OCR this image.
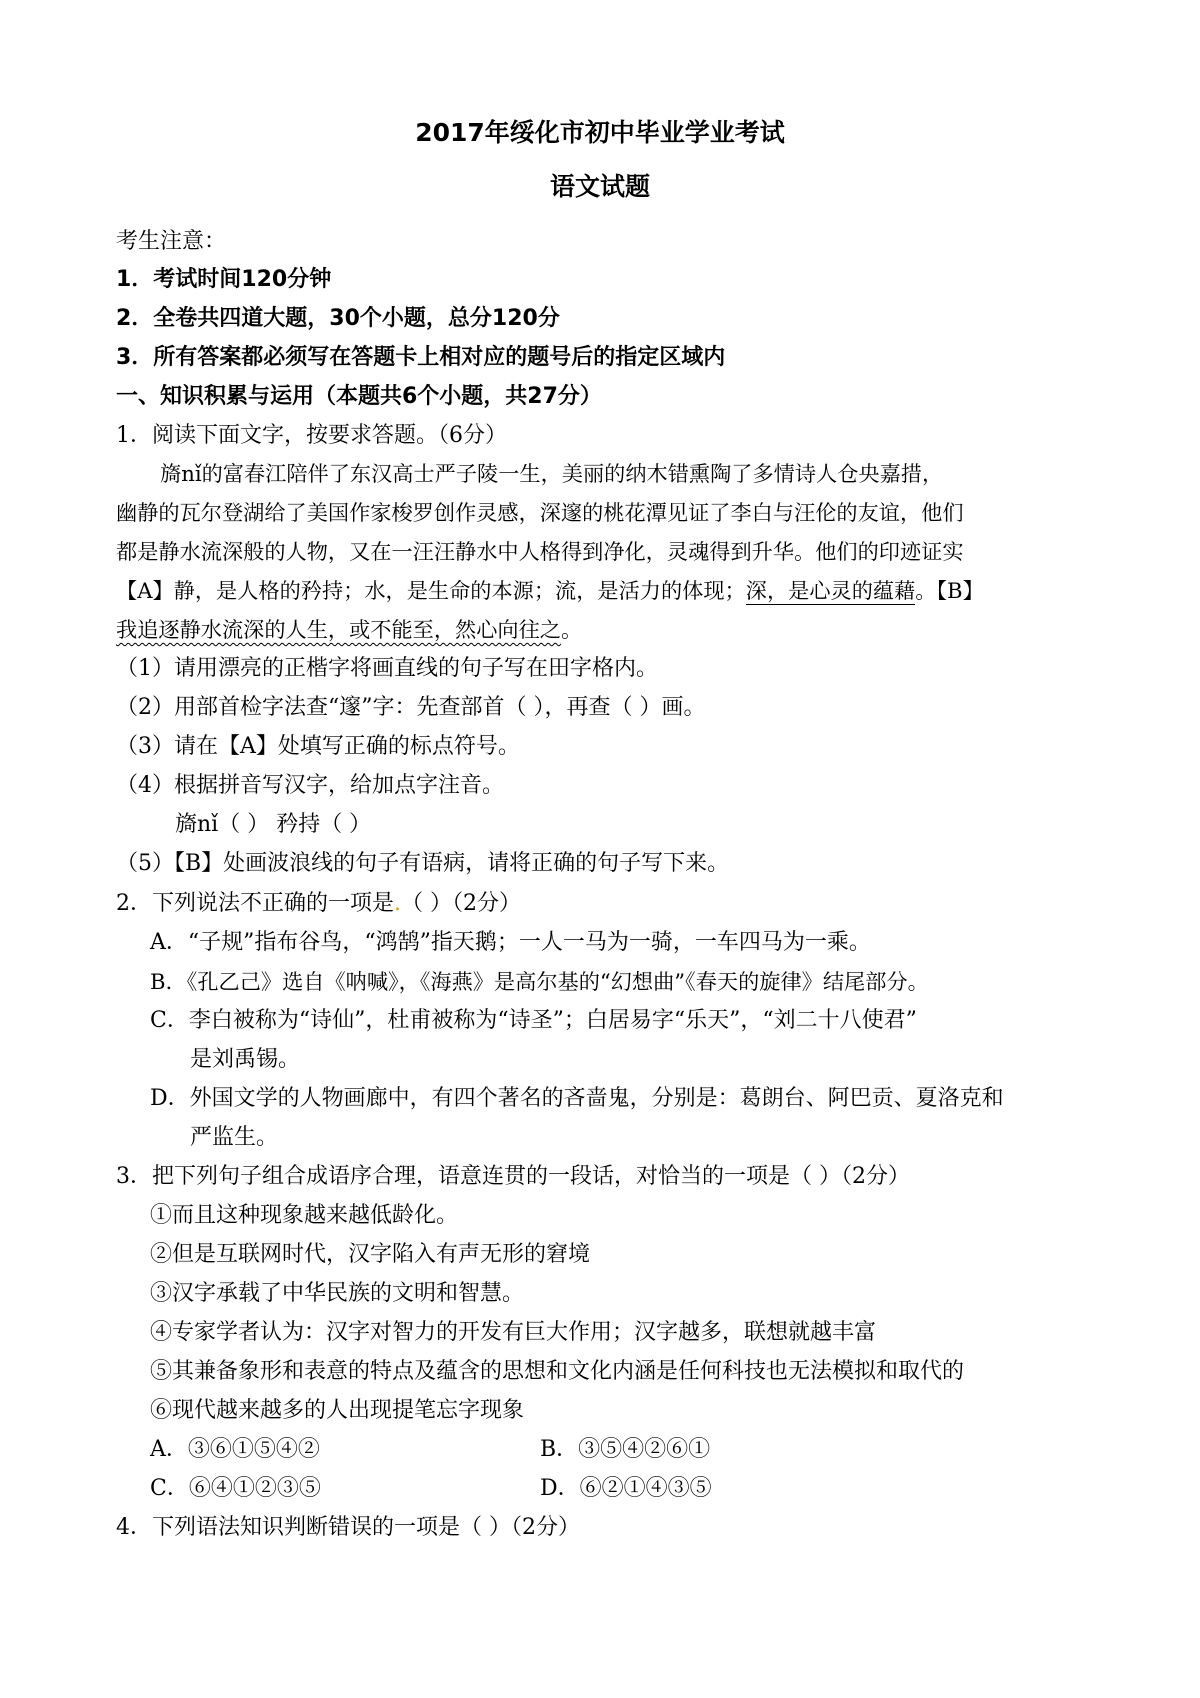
2017年绥化市初中毕业学业考试
语文试题
考生注意：
1．考试时间120分钟
2．全卷共四道大题，30个小题，总分120分
3．所有答案都必须写在答题卡上相对应的题号后的指定区域内
一、知识积累与运用（本题共6个小题，共27分）
1．阅读下面文字，按要求答题。（6分）
旖nǐ的富春江陪伴了东汉高士严子陵一生，美丽的纳木错熏陶了多情诗人仓央嘉措，
幽静的瓦尔登湖给了美国作家梭罗创作灵感，深邃的桃花潭见证了李白与汪伦的友谊，他们
都是静水流深般的人物，又在一汪汪静水中人格得到净化，灵魂得到升华。他们的印迹证实
【A】静，是人格的矜持；水，是生命的本源；流，是活力的体现；深，是心灵的蕴藉。【B】
我追逐静水流深的人生，或不能至，然心向往之。
（1）请用漂亮的正楷字将画直线的句子写在田字格内。
（2）用部首检字法查“邃”字：先查部首（ ），再查（ ）画。
（3）请在【A】处填写正确的标点符号。
（4）根据拼音写汉字，给加点字注音。
旖nǐ（ ） 矜持（ ）
（5）【B】处画波浪线的句子有语病，请将正确的句子写下来。
2．下列说法不正确的一项是.（ ）（2分）
A．“子规”指布谷鸟，“鸿鹄”指天鹅；一人一马为一骑，一车四马为一乘。
B．《孔乙己》选自《呐喊》，《海燕》是高尔基的“幻想曲”《春天的旋律》结尾部分。
C．李白被称为“诗仙”，杜甫被称为“诗圣”；白居易字“乐天”，“刘二十八使君”
是刘禹锡。
D．外国文学的人物画廊中，有四个著名的吝啬鬼，分别是：葛朗台、阿巴贡、夏洛克和
严监生。
3．把下列句子组合成语序合理，语意连贯的一段话，对恰当的一项是（ ）（2分）
①而且这种现象越来越低龄化。
②但是互联网时代，汉字陷入有声无形的窘境
③汉字承载了中华民族的文明和智慧。
④专家学者认为：汉字对智力的开发有巨大作用；汉字越多，联想就越丰富
⑤其兼备象形和表意的特点及蕴含的思想和文化内涵是任何科技也无法模拟和取代的
⑥现代越来越多的人出现提笔忘字现象
A．③⑥①⑤④②	B．③⑤④②⑥①
C．⑥④①②③⑤	D．⑥②①④③⑤
4．下列语法知识判断错误的一项是（ ）（2分）
